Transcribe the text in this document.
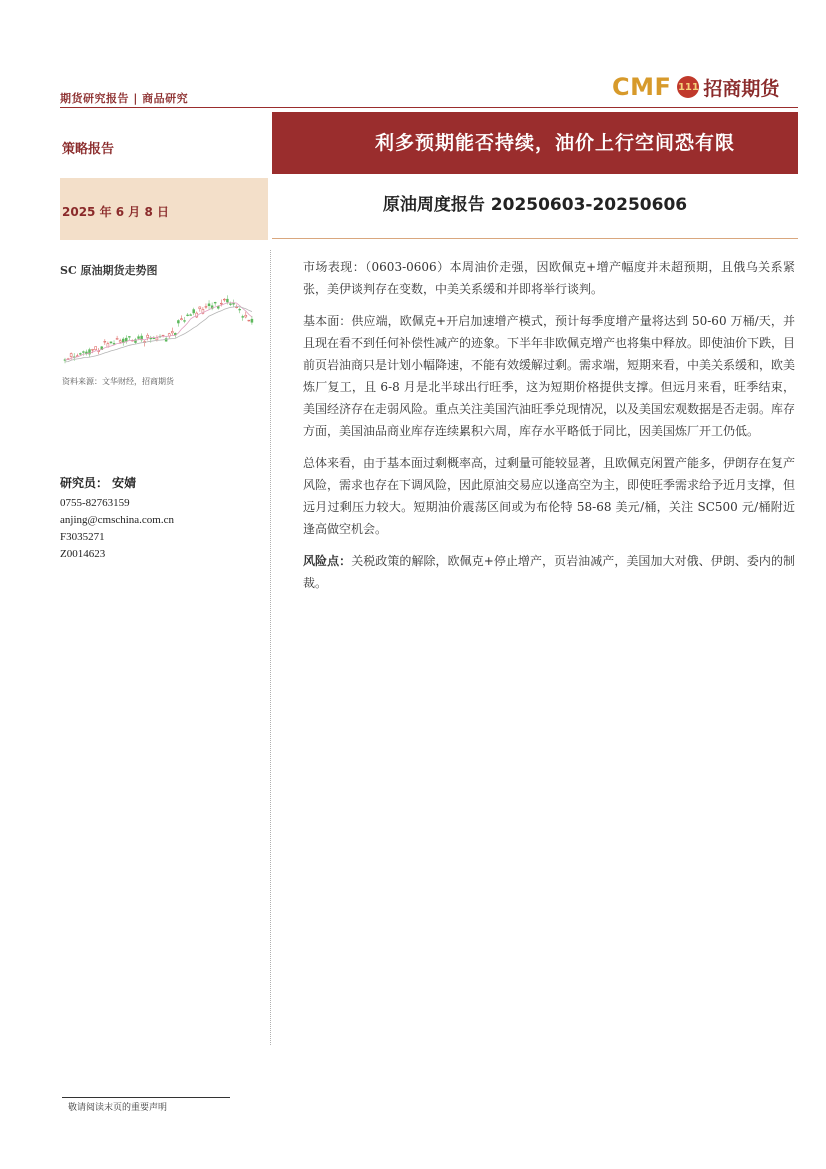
期货研究报告 | 商品研究	CMF 111 招商期货
策略报告	利多预期能否持续，油价上行空间恐有限
2025 年 6 月 8 日	原油周度报告 20250603-20250606
SC 原油期货走势图
资料来源：文华财经，招商期货
研究员： 安婧
0755-82763159
anjing@cmschina.com.cn
F3035271
Z0014623

市场表现：（0603-0606）本周油价走强，因欧佩克+增产幅度并未超预期，且俄乌关系紧张，美伊谈判存在变数，中美关系缓和并即将举行谈判。

基本面：供应端，欧佩克+开启加速增产模式，预计每季度增产量将达到 50-60 万桶/天，并且现在看不到任何补偿性减产的迹象。下半年非欧佩克增产也将集中释放。即使油价下跌，目前页岩油商只是计划小幅降速，不能有效缓解过剩。需求端，短期来看，中美关系缓和，欧美炼厂复工，且 6-8 月是北半球出行旺季，这为短期价格提供支撑。但远月来看，旺季结束，美国经济存在走弱风险。重点关注美国汽油旺季兑现情况，以及美国宏观数据是否走弱。库存方面，美国油品商业库存连续累积六周，库存水平略低于同比，因美国炼厂开工仍低。

总体来看，由于基本面过剩概率高，过剩量可能较显著，且欧佩克闲置产能多，伊朗存在复产风险，需求也存在下调风险，因此原油交易应以逢高空为主，即使旺季需求给予近月支撑，但远月过剩压力较大。短期油价震荡区间或为布伦特 58-68 美元/桶，关注 SC500 元/桶附近逢高做空机会。

风险点：关税政策的解除，欧佩克+停止增产，页岩油减产，美国加大对俄、伊朗、委内的制裁。

敬请阅读末页的重要声明
